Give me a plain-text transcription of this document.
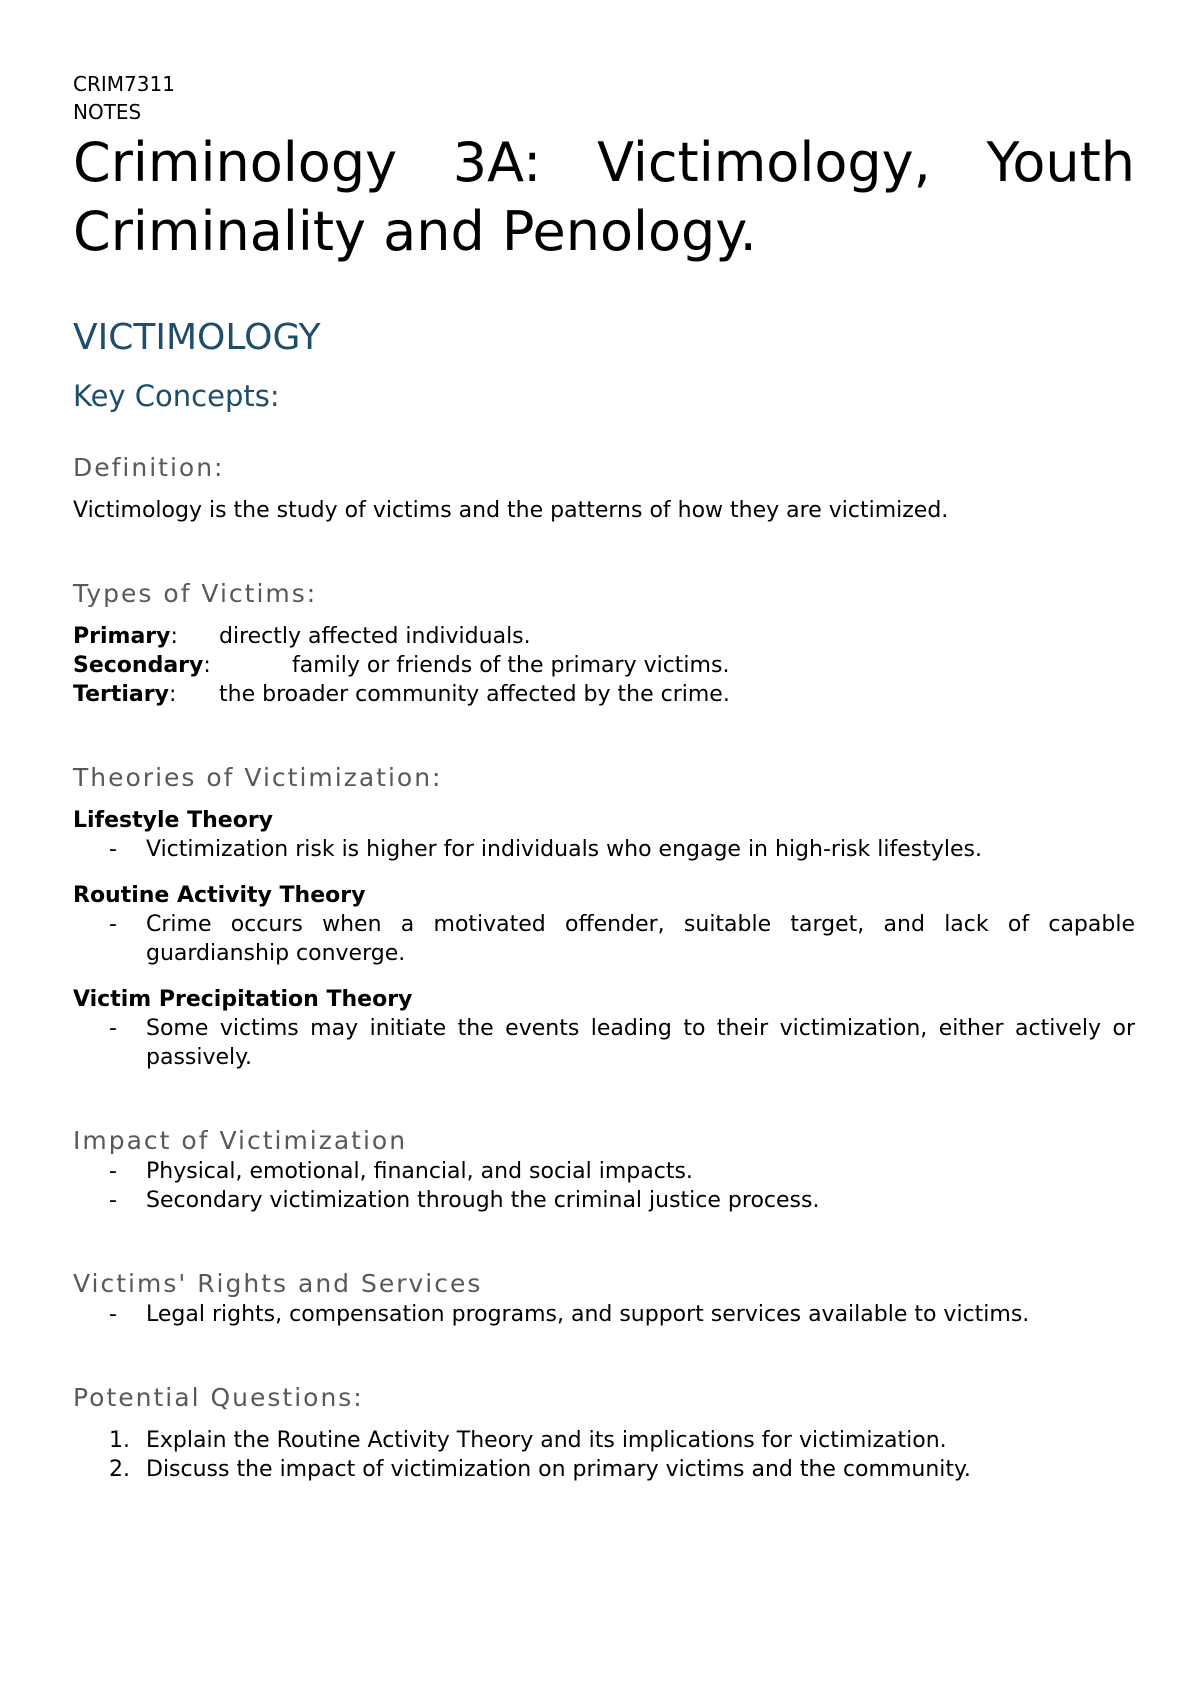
CRIM7311
NOTES
Criminology 3A: Victimology, Youth Criminality and Penology.
VICTIMOLOGY
Key Concepts:
Definition:

Victimology is the study of victims and the patterns of how they are victimized.

Types of Victims:
Primary:	directly affected individuals.
Secondary:	family or friends of the primary victims.
Tertiary:	the broader community affected by the crime.
Theories of Victimization:
Lifestyle Theory
- Victimization risk is higher for individuals who engage in high-risk lifestyles.
Routine Activity Theory
- Crime occurs when a motivated offender, suitable target, and lack of capable guardianship converge.
Victim Precipitation Theory
- Some victims may initiate the events leading to their victimization, either actively or passively.
Impact of Victimization
- Physical, emotional, financial, and social impacts.
- Secondary victimization through the criminal justice process.
Victims' Rights and Services
- Legal rights, compensation programs, and support services available to victims.
Potential Questions:
1. Explain the Routine Activity Theory and its implications for victimization.
2. Discuss the impact of victimization on primary victims and the community.
